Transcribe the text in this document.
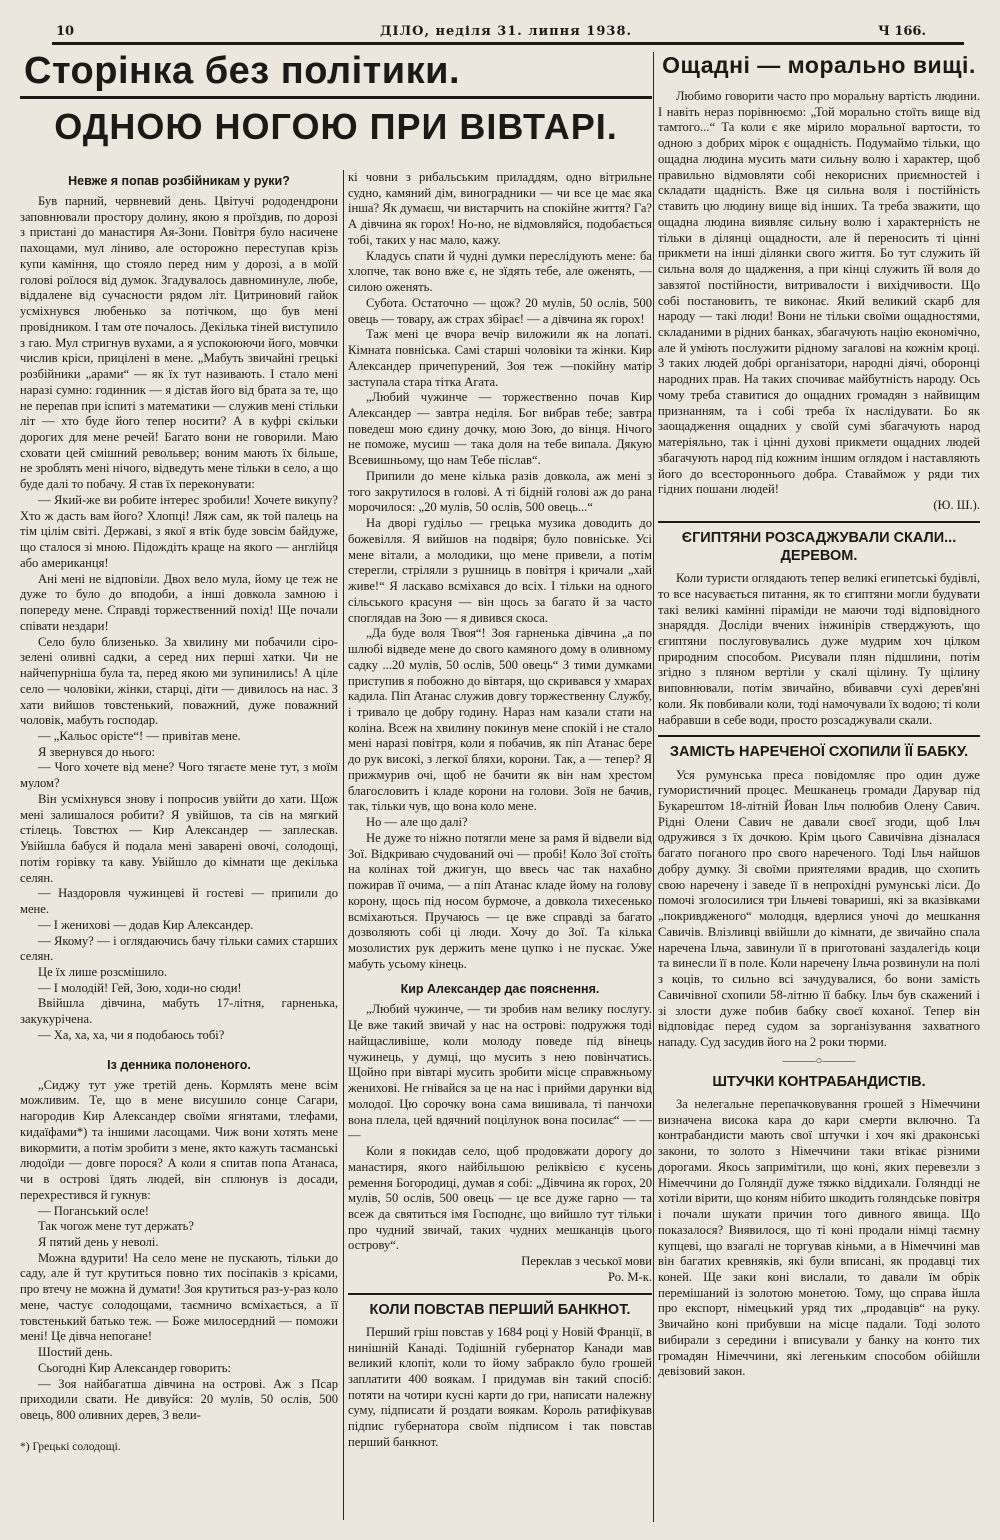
10	ДІЛО, неділя 31. липня 1938.	Ч 166.
Сторінка без політики.
ОДНОЮ НОГОЮ ПРИ ВІВТАРІ.
Невже я попав розбійникам у руки?

Був парний, червневий день. Цвітучі рододендрони заповнювали простору долину, якою я проїздив, по дорозі з пристані до манастиря Ая-Зони. Повітря було насичене пахощами, мул ліниво, але осторожно переступав крізь купи каміння, що стояло перед ним у дорозі, а в моїй голові роїлося від думок. Згадувалось давноминуле, любе, віддалене від сучасности рядом літ. Цитриновий гайок усміхнувся любенько за потічком, що був мені провідником. І там оте почалось. Декілька тіней виступило з гаю. Мул стригнув вухами, а я успокоюючи його, мовчки числив кріси, прицілені в мене. „Мабуть звичайні грецькі розбійники „арами“ — як їх тут називають. І стало мені наразі сумно: годинник — я дістав його від брата за те, що не перепав при іспиті з математики — служив мені стільки літ — хто буде його тепер носити? А в куфрі скільки дорогих для мене речей! Багато вони не говорили. Маю сховати цей смішний револьвер; воним мають їх більше, не зроблять мені нічого, відведуть мене тільки в село, а що буде далі то побачу. Я став їх переконувати:

— Який-же ви робите інтерес зробили! Хочете викупу? Хто ж дасть вам його? Хлопці! Ляж сам, як той палець на тім цілім світі. Державі, з якої я втік буде зовсім байдуже, що сталося зі мною. Підождіть краще на якого — англійця або американця!

Ані мені не відповіли. Двох вело мула, йому це теж не дуже то було до вподоби, а інші довкола замною і попереду мене. Справді торжественний похід! Ще почали співати нездари!

Село було близенько. За хвилину ми побачили сіро-зелені оливні садки, а серед них перші хатки. Чи не найчепурніша була та, перед якою ми зупинились! А ціле село — чоловіки, жінки, старці, діти — дивилось на нас. З хати вийшов товстенький, поважний, дуже поважний чоловік, мабуть господар.

— „Кальос орісте“! — привітав мене.

Я звернувся до нього:

— Чого хочете від мене? Чого тягаєте мене тут, з моїм мулом?

Він усміхнувся знову і попросив увійти до хати. Щож мені залишалося робити? Я увійшов, та сів на мягкий стілець. Товстюх — Кир Александер — заплескав. Увійшла бабуся й подала мені заварені овочі, солодощі, потім горівку та каву. Увійшло до кімнати ще декілька селян.

— Наздоровля чужинцеві й гостеві — припили до мене.

— І женихові — додав Кир Александер.

— Якому? — і оглядаючись бачу тільки самих старших селян.

Це їх лише розсмішило.

— І молодій! Гей, Зою, ходи-но сюди!

Ввійшла дівчина, мабуть 17-літня, гарненька, закукурічена.

— Ха, ха, ха, чи я подобаюсь тобі?

Із денника полоненого.

„Сиджу тут уже третій день. Кормлять мене всім можливим. Те, що в мене висушило сонце Сагари, нагородив Кир Александер своїми ягнятами, тлефами, кидаїфами*) та іншими ласощами. Чиж вони хотять мене викормити, а потім зробити з мене, якто кажуть тасманські людоїди — довге порося? А коли я спитав попа Атанаса, чи в острові їдять людей, він сплюнув із досади, перехрестився й гукнув:

— Поганський осле!

Так чогож мене тут держать?

Я пятий день у неволі.

Можна вдурити! На село мене не пускають, тільки до саду, але й тут крутиться повно тих посіпаків з крісами, про втечу не можна й думати! Зоя крутиться раз-у-раз коло мене, частує солодощами, таємничо всміхається, а її товстенький батько теж. — Боже милосердний — поможи мені! Це дівча непогане!

Шостий день.

Сьогодні Кир Александер говорить:

— Зоя найбагатша дівчина на острові. Аж з Псар приходили свати. Не дивуйся: 20 мулів, 50 ослів, 500 овець, 800 оливних дерев, 3 вели-

*) Грецькі солодощі.

кі човни з рибальським приладдям, одно вітрильне судно, камяний дім, виноградники — чи все це має яка інша? Як думаєш, чи вистарчить на спокійне життя? Га? А дівчина як горох! Но-но, не відмовляйся, подобається тобі, таких у нас мало, кажу.

Кладусь спати й чудні думки переслідують мене: ба хлопче, так воно вже є, не зїдять тебе, але оженять, — силою оженять.

Субота. Остаточно — щож? 20 мулів, 50 ослів, 500 овець — товару, аж страх збірає! — а дівчина як горох!

Таж мені це вчора вечір виложили як на лопаті. Кімната повніська. Самі старші чоловіки та жінки. Кир Александер причепурений, Зоя теж —покійну матір заступала стара тітка Агата.

„Любий чужинче — торжественно почав Кир Александер — завтра неділя. Бог вибрав тебе; завтра поведеш мою єдину дочку, мою Зою, до вінця. Нічого не поможе, мусиш — така доля на тебе випала. Дякую Всевишньому, що нам Тебе післав“.

Припили до мене кілька разів довкола, аж мені з того закрутилося в голові. А ті бідній голові аж до рана морочилося: „20 мулів, 50 ослів, 500 овець...“

На дворі гудільо — грецька музика доводить до божевілля. Я вийшов на подвіря; було повніське. Усі мене вітали, а молодики, що мене привели, а потім стерегли, стріляли з рушниць в повітря і кричали „хай живе!“ Я ласкаво всміхався до всіх. І тільки на одного сільського красуня — він щось за багато й за часто споглядав на Зою — я дивився скоса.

„Да буде воля Твоя“! Зоя гарненька дівчина „а по шлюбі відведе мене до свого камяного дому в оливному садку ...20 мулів, 50 ослів, 500 овець“ З тими думками приступив я побожно до вівтаря, що скривався у хмарах кадила. Піп Атанас служив довгу торжественну Службу, і тривало це добру годину. Нараз нам казали стати на коліна. Всеж на хвилину покинув мене спокій і не стало мені наразі повітря, коли я побачив, як піп Атанас бере до рук високі, з легкої бляхи, корони. Так, а — тепер? Я прижмурив очі, щоб не бачити як він нам хрестом благословить і кладе корони на голови. Зоїя не бачив, так, тільки чув, що вона коло мене.

Но — але що далі?

Не дуже то ніжно потягли мене за рамя й відвели від Зої. Відкриваю счудований очі — пробі! Коло Зої стоїть на колінах той джигун, що ввесь час так нахабно пожирав її очима, — а піп Атанас кладе йому на голову корону, щось під носом бурмоче, а довкола тихесенько всміхаються. Пручаюсь — це вже справді за багато дозволяють собі ці люди. Хочу до Зої. Та кілька мозолистих рук держить мене цупко і не пускає. Уже мабуть усьому кінець.

Кир Александер дає пояснення.

„Любий чужинче, — ти зробив нам велику послугу. Це вже такий звичай у нас на острові: подружжя тоді найщасливіше, коли молоду поведе під вінець чужинець, у думці, що мусить з нею повінчатись. Щойно при вівтарі мусить зробити місце справжньому женихові. Не гнівайся за це на нас і прийми дарунки від молодої. Цю сорочку вона сама вишивала, ті панчохи вона плела, цей вдячний поцілунок вона посилає“ — — —

Коли я покидав село, щоб продовжати дорогу до манастиря, якого найбільшою реліквією є кусень ремення Богородиці, думав я собі: „Дівчина як горох, 20 мулів, 50 ослів, 500 овець — це все дуже гарно — та всеж да святиться імя Господнє, що вийшло тут тільки про чудний звичай, таких чудних мешканців цього острову“.

Переклав з чеської мови

Ро. М-к.

КОЛИ ПОВСТАВ ПЕРШИЙ БАНКНОТ.

Перший гріш повстав у 1684 році у Новій Франції, в нинішній Канаді. Тодішній губернатор Канади мав великий клопіт, коли то йому забракло було грошей заплатити 400 воякам. І придумав він такий спосіб: потяти на чотири куснi карти до гри, написати належну суму, підписати й роздати воякам. Король ратифікував підпис губернатора своїм підписом і так повстав перший банкнот.

Ощадні — морально вищі.

Любимо говорити часто про моральну вартість людини. І навіть нераз порівнюємо: „Той морально стоїть вище від тамтого...“ Та коли є яке мірило моральної вартости, то одною з добрих мірок є ощадність. Подумаймо тільки, що ощадна людина мусить мати сильну волю і характер, щоб правильно відмовляти собі некорисних приємностей і складати щадність. Вже ця сильна воля і постійність ставить цю людину вище від інших. Та треба зважити, що ощадна людина виявляє сильну волю і характерність не тільки в ділянці ощадности, але й переносить ті цінні прикмети на інші ділянки свого життя. Бо тут служить їй сильна воля до щадження, а при кінці служить їй воля до завзятої постійности, витривалости і вихідчивости. Що собі постановить, те виконає. Який великий скарб для народу — такі люди! Вони не тільки своїми ощадностями, складаними в рідних банках, збагачують націю економічно, але й уміють послужити рідному загалові на кожнім кроці. З таких людей добрі організатори, народні діячі, оборонці народних прав. На таких спочиває майбутність народу. Ось чому треба ставитися до ощадних громадян з найвищим признанням, та і собі треба їх наслідувати. Бо як заощадження ощадних у своїй сумі збагачують народ матеріяльно, так і цінні духові прикмети ощадних людей збагачують народ під кожним іншим оглядом і наставляють його до всестороннього добра. Ставаймож у ряди тих гідних пошани людей!

(Ю. Ш.).

ЄГИПТЯНИ РОЗСАДЖУВАЛИ СКАЛИ... ДЕРЕВОМ.

Коли туристи оглядають тепер великі египетські будівлі, то все насувається питання, як то єгиптяни могли будувати такі великі камінні піраміди не маючи тоді відповідного знаряддя. Досліди вчених інжинірів стверджують, що єгиптяни послуговувались дуже мудрим хоч цілком природним способом. Рисували плян підшлини, потім згідно з пляном вертіли у скалі щілину. Ту щілину виповнювали, потім звичайно, вбивавчи сухі дерев'яні коли. Як повбивали коли, тоді намочували їх водою; ті коли набравши в себе води, просто розсаджували скали.

ЗАМІСТЬ НАРЕЧЕНОЇ СХОПИЛИ ЇЇ БАБКУ.

Уся румунська преса повідомляє про один дуже гумористичний процес. Мешканець громади Дарувар під Букарештом 18-літній Йован Ільч полюбив Олену Савич. Рідні Олени Савич не давали своєї згоди, щоб Ільч одружився з їх дочкою. Крім цього Савичівна дізналася багато поганого про свого нареченого. Тоді Ільч найшов добру думку. Зі своїми приятелями врадив, що схопить свою наречену і заведе її в непрохідні румунські ліси. До помочі зголосилися три Ільчеві товариші, які за вказівками „покривдженого“ молодця, вдерлися уночі до мешкання Савичів. Влізливці ввійшли до кімнати, де звичайно спала наречена Ільча, завинули її в приготовані заздалегідь коци та винесли її в поле. Коли наречену Ільча розвинули на полі з коців, то сильно всі зачудувалися, бо вони замість Савичівної схопили 58-літню її бабку. Ільч був скажений і зі злости дуже побив бабку своєї коханої. Тепер він відповідає перед судом за зорганізування захватного нападу. Суд засудив його на 2 роки тюрми.

———○———
ШТУЧКИ КОНТРАБАНДИСТІВ.

За нелегальне перепачковування грошей з Німеччини визначена висока кара до кари смерти включно. Та контрабандисти мають свої штучки і хоч які драконські закони, то золото з Німеччини таки втікає різними дорогами. Якось запримітили, що коні, яких перевезли з Німеччини до Голяндії дуже тяжко віддихали. Голяндці не хотіли вірити, що коням нібито шкодить голяндське повітря і почали шукати причин того дивного явища. Що показалося? Виявилося, що ті коні продали німці таємну купцеві, що взагалі не торгував кіньми, а в Німеччині мав він багатих кревняків, які були вписані, як продавці тих коней. Ще заки коні вислали, то давали їм обрік перемішаний із золотою монетою. Тому, що справа йшла про експорт, німецький уряд тих „продавців“ на руку. Звичайно коні прибувши на місце падали. Тоді золото вибирали з середини і вписували у банку на конто тих громадян Німеччини, які легеньким способом обійшли девізовий закон.
